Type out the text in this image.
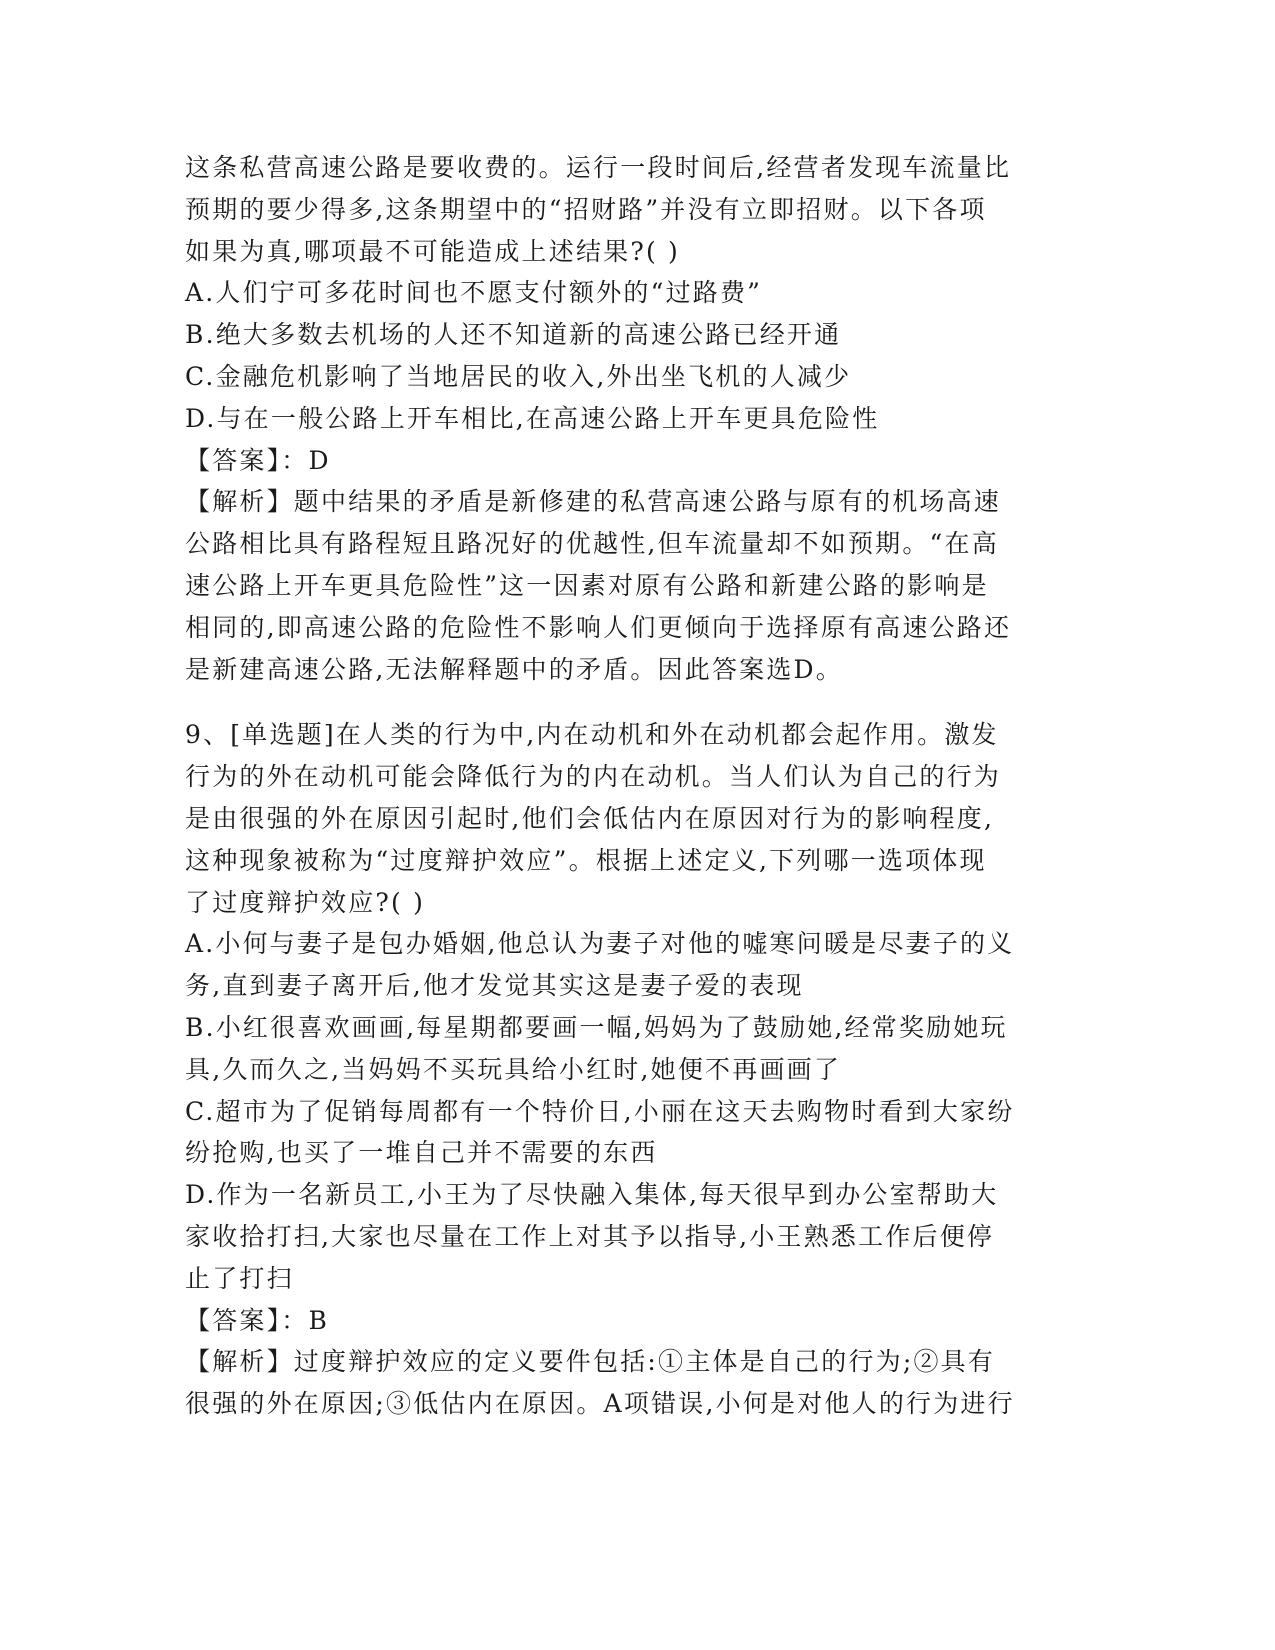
这条私营高速公路是要收费的。运行一段时间后,经营者发现车流量比
预期的要少得多,这条期望中的“招财路”并没有立即招财。以下各项
如果为真,哪项最不可能造成上述结果?( )
A.人们宁可多花时间也不愿支付额外的“过路费”
B.绝大多数去机场的人还不知道新的高速公路已经开通
C.金融危机影响了当地居民的收入,外出坐飞机的人减少
D.与在一般公路上开车相比,在高速公路上开车更具危险性
【答案】：D
【解析】题中结果的矛盾是新修建的私营高速公路与原有的机场高速
公路相比具有路程短且路况好的优越性,但车流量却不如预期。“在高
速公路上开车更具危险性”这一因素对原有公路和新建公路的影响是
相同的,即高速公路的危险性不影响人们更倾向于选择原有高速公路还
是新建高速公路,无法解释题中的矛盾。因此答案选D。
9、[单选题]在人类的行为中,内在动机和外在动机都会起作用。激发
行为的外在动机可能会降低行为的内在动机。当人们认为自己的行为
是由很强的外在原因引起时,他们会低估内在原因对行为的影响程度,
这种现象被称为“过度辩护效应”。根据上述定义,下列哪一选项体现
了过度辩护效应?( )
A.小何与妻子是包办婚姻,他总认为妻子对他的嘘寒问暖是尽妻子的义
务,直到妻子离开后,他才发觉其实这是妻子爱的表现
B.小红很喜欢画画,每星期都要画一幅,妈妈为了鼓励她,经常奖励她玩
具,久而久之,当妈妈不买玩具给小红时,她便不再画画了
C.超市为了促销每周都有一个特价日,小丽在这天去购物时看到大家纷
纷抢购,也买了一堆自己并不需要的东西
D.作为一名新员工,小王为了尽快融入集体,每天很早到办公室帮助大
家收拾打扫,大家也尽量在工作上对其予以指导,小王熟悉工作后便停
止了打扫
【答案】：B
【解析】过度辩护效应的定义要件包括:①主体是自己的行为;②具有
很强的外在原因;③低估内在原因。A项错误,小何是对他人的行为进行
